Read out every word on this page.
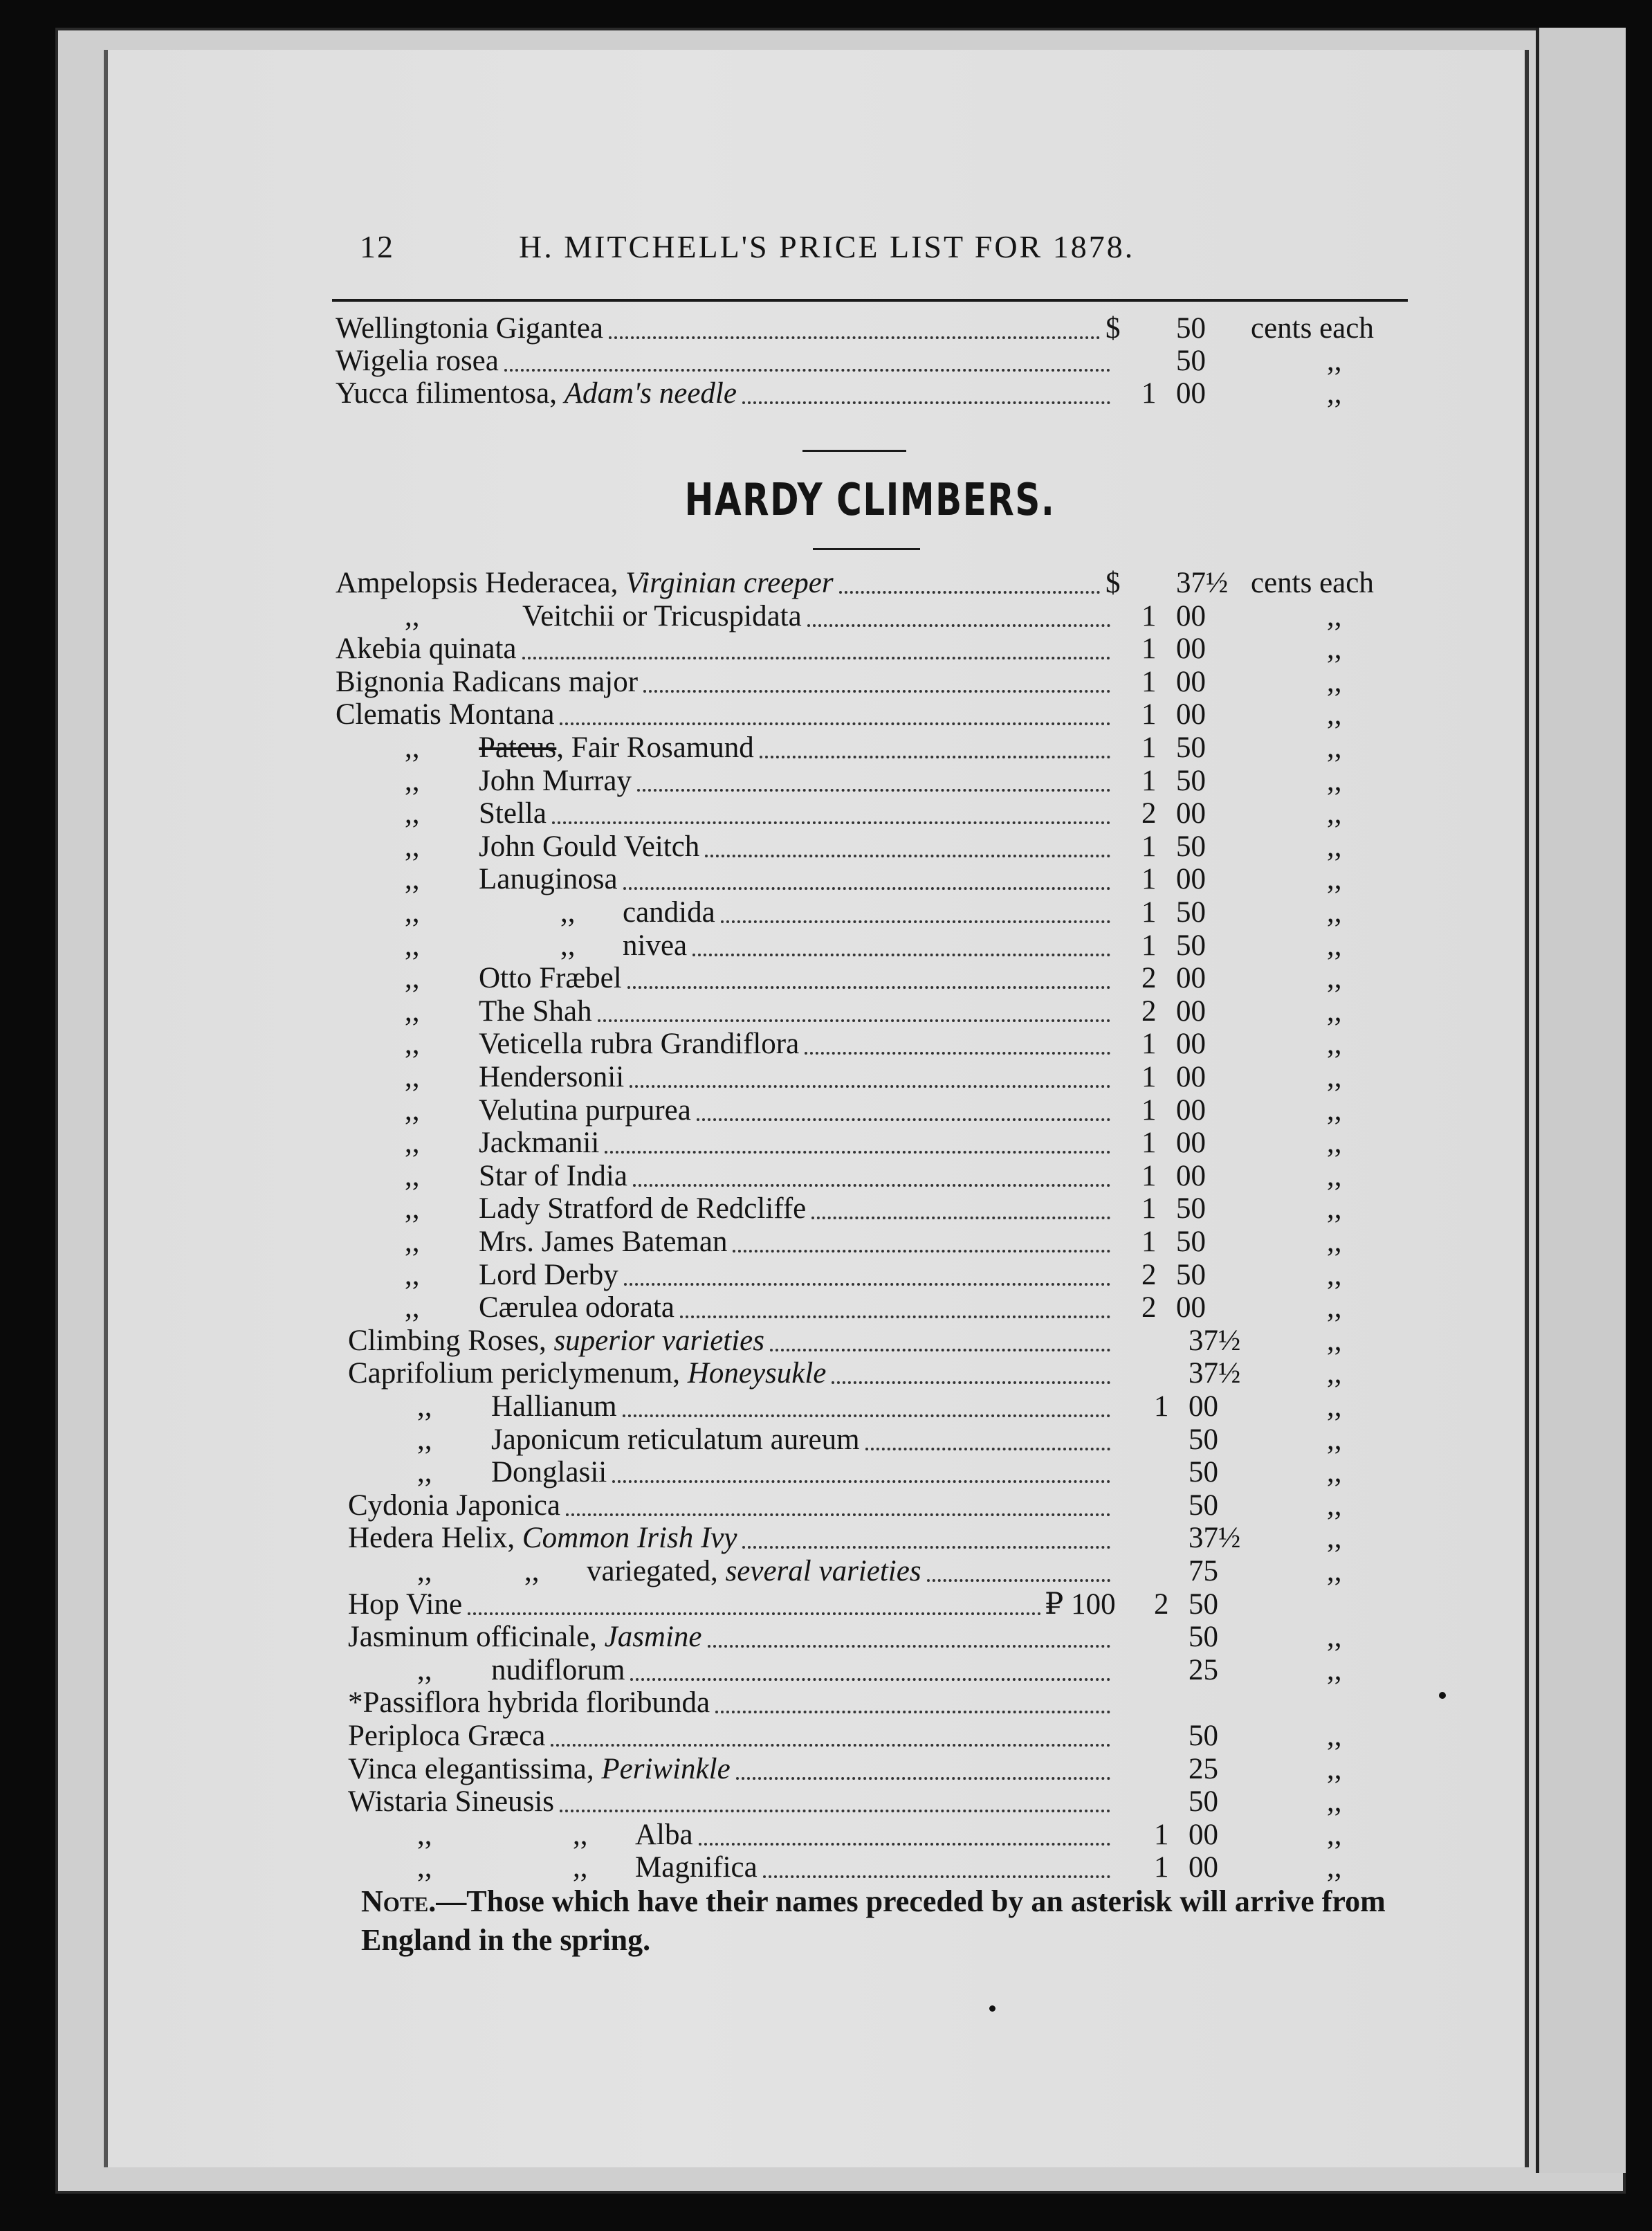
12	H. MITCHELL'S PRICE LIST FOR 1878.
Wellingtonia Gigantea	$ 50 cents each
Wigelia rosea	50	,,
Yucca filimentosa, Adam's needle	1 00	,,
HARDY CLIMBERS.
Ampelopsis Hederacea, Virginian creeper	$ 37½ cents each
,,	Veitchii or Tricuspidata	1 00	,,
Akebia quinata	1 00	,,
Bignonia Radicans major	1 00	,,
Clematis Montana	1 00	,,
,, Pateus, Fair Rosamund	1 50	,,
,, John Murray	1 50	,,
,, Stella	2 00	,,
,, John Gould Veitch	1 50	,,
,, Lanuginosa	1 00	,,
,,	,, candida	1 50	,,
,,	,, nivea	1 50	,,
,, Otto Fræbel	2 00	,,
,, The Shah	2 00	,,
,, Veticella rubra Grandiflora	1 00	,,
,, Hendersonii	1 00	,,
,, Velutina purpurea	1 00	,,
,, Jackmanii	1 00	,,
,, Star of India	1 00	,,
,, Lady Stratford de Redcliffe	1 50	,,
,, Mrs. James Bateman	1 50	,,
,, Lord Derby	2 50	,,
,, Cærulea odorata	2 00	,,
Climbing Roses, superior varieties	37½	,,
Caprifolium periclymenum, Honeysukle	37½	,,
,, Hallianum	1 00	,,
,, Japonicum reticulatum aureum	50	,,
,, Donglasii	50	,,
Cydonia Japonica	50	,,
Hedera Helix, Common Irish Ivy	37½	,,
,,	,, variegated, several varieties	75	,,
Hop Vine	₽ 100 2 50
Jasminum officinale, Jasmine	50	,,
,, nudiflorum	25	,,
*Passiflora hybrida floribunda
Periploca Græca	50	,,
Vinca elegantissima, Periwinkle	25	,,
Wistaria Sineusis	50	,,
,,	,, Alba	1 00	,,
,,	,, Magnifica	1 00	,,
Note.—Those which have their names preceded by an asterisk will arrive from England in the spring.
